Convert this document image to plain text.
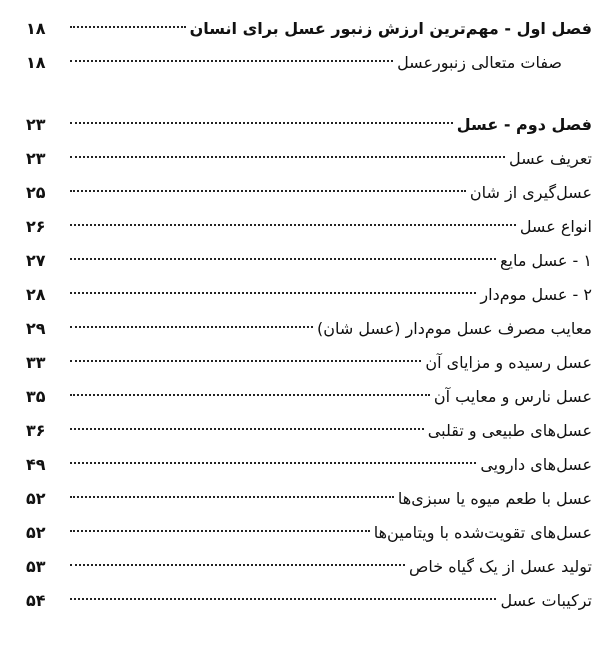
فصل اول - مهم‌ترین ارزش زنبور عسل برای انسان
۱۸
صفات متعالی زنبورعسل
۱۸
فصل دوم - عسل
۲۳
تعریف عسل
۲۳
عسل‌گیری از شان
۲۵
انواع عسل
۲۶
۱ - عسل مایع
۲۷
۲ - عسل موم‌دار
۲۸
معایب مصرف عسل موم‌دار (عسل شان)
۲۹
عسل رسیده و مزایای آن
۳۳
عسل نارس و معایب آن
۳۵
عسل‌های طبیعی و تقلبی
۳۶
عسل‌های دارویی
۴۹
عسل با طعم میوه یا سبزی‌ها
۵۲
عسل‌های تقویت‌شده با ویتامین‌ها
۵۲
تولید عسل از یک گیاه خاص
۵۳
ترکیبات عسل
۵۴
